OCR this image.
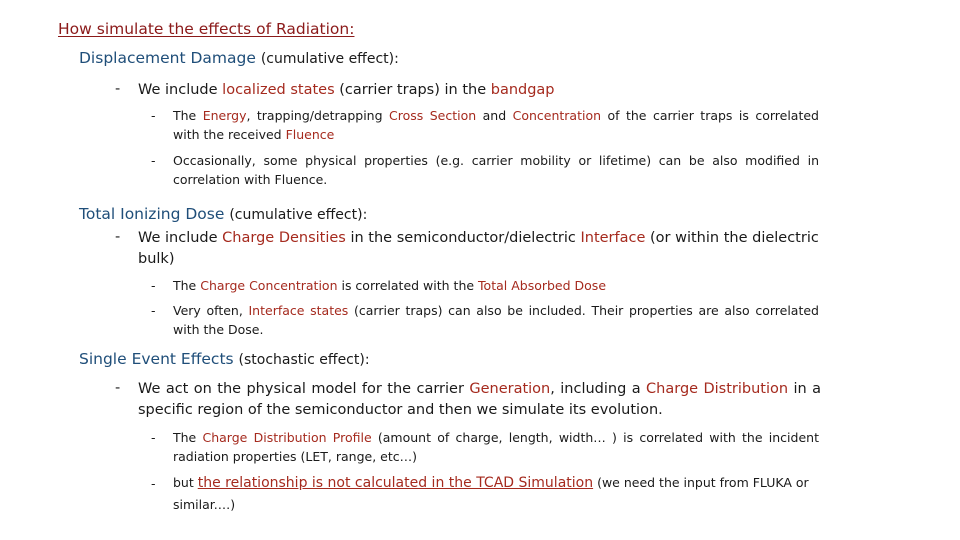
How simulate the effects of Radiation:
Displacement Damage (cumulative effect):
- We include localized states (carrier traps) in the bandgap
- The Energy, trapping/detrapping Cross Section and Concentration of the carrier traps is correlated with the received Fluence
- Occasionally, some physical properties (e.g. carrier mobility or lifetime) can be also modified in correlation with Fluence.
Total Ionizing Dose (cumulative effect):
- We include Charge Densities in the semiconductor/dielectric Interface (or within the dielectric bulk)
- The Charge Concentration is correlated with the Total Absorbed Dose
- Very often, Interface states (carrier traps) can also be included. Their properties are also correlated with the Dose.
Single Event Effects (stochastic effect):
- We act on the physical model for the carrier Generation, including a Charge Distribution in a specific region of the semiconductor and then we simulate its evolution.
- The Charge Distribution Profile (amount of charge, length, width… ) is correlated with the incident radiation properties (LET, range, etc…)
- but the relationship is not calculated in the TCAD Simulation (we need the input from FLUKA or similar.…)
